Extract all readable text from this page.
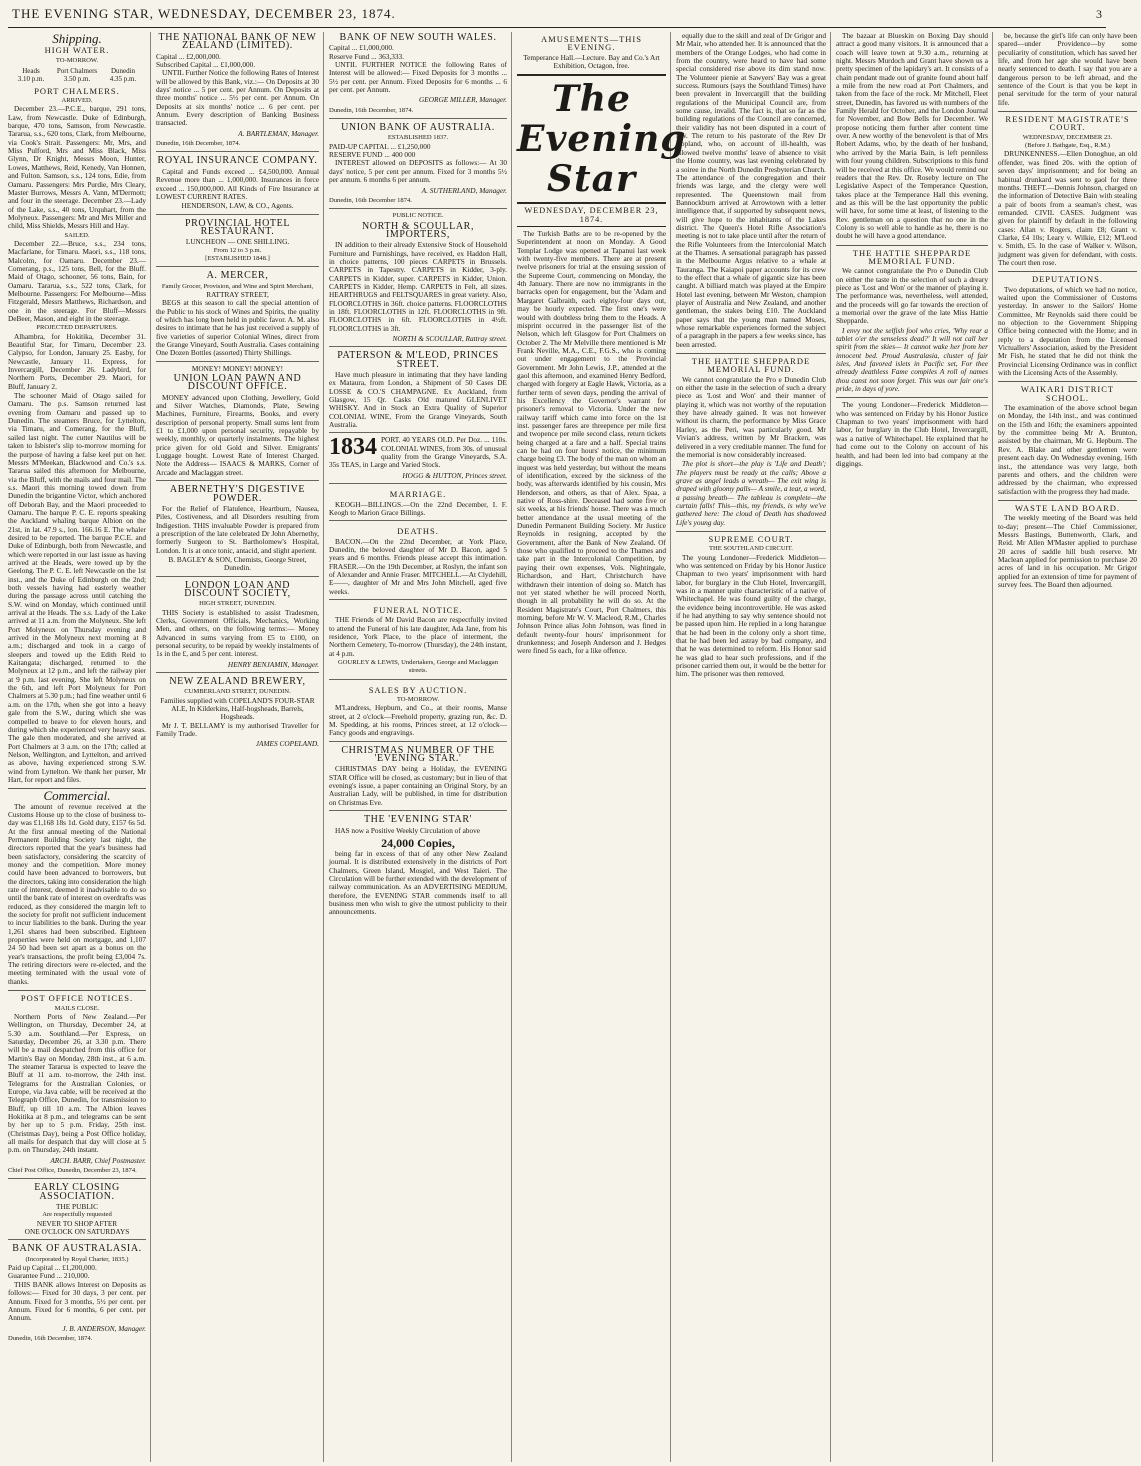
THE EVENING STAR, WEDNESDAY, DECEMBER 23, 1874.	3
Shipping.
HIGH WATER.
TO-MORROW.
Heads	Port Chalmers	Dunedin
3.10 p.m.	3.50 p.m.	4.35 p.m.
PORT CHALMERS.
ARRIVED.

December 23.—P.C.E., barque, 291 tons, Law, from Newcastle. Duke of Edinburgh, barque, 470 tons, Samson, from Newcastle. Tararua, s.s., 620 tons, Clark, from Melbourne, via Cook's Strait. Passengers: Mr, Mrs, and Miss Pulford, Mrs and Miss Black, Miss Glynn, Dr Knight, Messrs Moon, Hunter, Lowes, Matthews, Reid, Kenedy, Van Honnen, and Fulton. Samson, s.s., 124 tons, Edie, from Oamaru. Passengers: Mrs Purdie, Mrs Cleary, Master Burrows, Messrs A. Vann, M'Dermott; and four in the steerage. December 23.—Lady of the Lake, s.s., 40 tons, Urquhart, from the Molyneux. Passengers: Mr and Mrs Miller and child, Miss Shields, Messrs Hill and Hay.

SAILED.

December 22.—Bruce, s.s., 234 tons, Macfarlane, for Timaru. Maori, s.s., 118 tons, Malcolm, for Oamaru. December 23.—Comerang, p.s., 125 tons, Bell, for the Bluff. Maid of Otago, schooner, 56 tons, Bain, for Oamaru. Tararua, s.s., 522 tons, Clark, for Melbourne. Passengers: For Melbourne—Miss Fitzgerald, Messrs Matthews, Richardson, and one in the steerage. For Bluff—Messrs DeBeer, Mason, and eight in the steerage.

PROJECTED DEPARTURES.

Alhambra, for Hokitika, December 31. Beautiful Star, for Timaru, December 23. Calypso, for London, January 25. Easby, for Newcastle, January 11. Express, for Invercargill, December 26. Ladybird, for Northern Ports, December 29. Maori, for Bluff, January 2.

The schooner Maid of Otago sailed for Oamaru. The p.s. Samson returned last evening from Oamaru and passed up to Dunedin. The steamers Bruce, for Lyttelton, via Timaru, and Comerang, for the Bluff, sailed last night. The cutter Nautilus will be taken to Isbister's slip to-morrow morning for the purpose of having a false keel put on her. Messrs M'Meekan, Blackwood and Co.'s s.s. Tararua sailed this afternoon for Melbourne, via the Bluff, with the mails and four mail. The s.s. Maori this morning towed down from Dunedin the brigantine Victor, which anchored off Deborah Bay, and the Maori proceeded to Oamaru. The barque P. C. E. reports speaking the Auckland whaling barque Albion on the 21st, in lat. 47.9 s., lon. 166.16 E. The whaler desired to be reported. The barque P.C.E. and Duke of Edinburgh, both from Newcastle, and which were reported in our last issue as having arrived at the Heads, were towed up by the Geelong. The P. C. E. left Newcastle on the 1st inst., and the Duke of Edinburgh on the 2nd; both vessels having had easterly weather during the passage across until catching the S.W. wind on Monday, which continued until arrival at the Heads. The s.s. Lady of the Lake arrived at 11 a.m. from the Molyneux. She left Port Molyneux on Thursday evening and arrived in the Molyneux next morning at 8 a.m.; discharged and took in a cargo of sleepers and towed up the Edith Reid to Kaitangata; discharged, returned to the Molyneux at 12 p.m., and left the railway pier at 9 p.m. last evening. She left Molyneux on the 6th, and left Port Molyneux for Port Chalmers at 5.30 p.m.; had fine weather until 6 a.m. on the 17th, when she got into a heavy gale from the S.W., during which she was compelled to heave to for eleven hours, and during which she experienced very heavy seas. The gale then moderated, and she arrived at Port Chalmers at 3 a.m. on the 17th; called at Nelson, Wellington, and Lyttelton, and arrived as above, having experienced strong S.W. wind from Lyttelton. We thank her purser, Mr Hart, for report and files.

Commercial.

The amount of revenue received at the Customs House up to the close of business to-day was £1,168 18s 1d. Gold duty, £157 6s 5d. At the first annual meeting of the National Permanent Building Society last night, the directors reported that the year's business had been satisfactory, considering the scarcity of money and the competition. More money could have been advanced to borrowers, but the directors, taking into consideration the high rate of interest, deemed it inadvisable to do so until the bank rate of interest on overdrafts was reduced, as they considered the margin left to the society for profit not sufficient inducement to incur liabilities to the bank. During the year 1,261 shares had been subscribed. Eighteen properties were held on mortgage, and 1,107 24 50 had been set apart as a bonus on the year's transactions, the profit being £3,004 7s. The retiring directors were re-elected, and the meeting terminated with the usual vote of thanks.

POST OFFICE NOTICES.
MAILS CLOSE.

Northern Ports of New Zealand.—Per Wellington, on Thursday, December 24, at 5.30 a.m. Southland.—Per Express, on Saturday, December 26, at 3.30 p.m. There will be a mail despatched from this office for Martin's Bay on Monday, 28th inst., at 6 a.m. The steamer Tararua is expected to leave the Bluff at 11 a.m. to-morrow, the 24th inst. Telegrams for the Australian Colonies, or Europe, via Java cable, will be received at the Telegraph Office, Dunedin, for transmission to Bluff, up till 10 a.m. The Albion leaves Hokitika at 8 p.m., and telegrams can be sent by her up to 5 p.m. Friday, 25th inst. (Christmas Day), being a Post Office holiday, all mails for despatch that day will close at 5 p.m. on Thursday, 24th instant.

ARCH. BARR, Chief Postmaster.
Chief Post Office, Dunedin, December 23, 1874.
EARLY CLOSING ASSOCIATION.
THE PUBLIC
Are respectfully requested
NEVER TO SHOP AFTER
ONE O'CLOCK ON SATURDAYS
BANK OF AUSTRALASIA.
(Incorporated by Royal Charter, 1835.)
Paid up Capital ... £1,200,000.
Guarantee Fund ... 210,000.

THIS BANK allows Interest on Deposits as follows:— Fixed for 30 days, 3 per cent. per Annum. Fixed for 3 months, 5½ per cent. per Annum. Fixed for 6 months, 6 per cent. per Annum.

J. B. ANDERSON, Manager.
Dunedin, 16th December, 1874.
THE NATIONAL BANK OF NEW ZEALAND (LIMITED).
Capital ... £2,000,000.
Subscribed Capital ... £1,000,000.

UNTIL Further Notice the following Rates of Interest will be allowed by this Bank, viz.:— On Deposits at 30 days' notice ... 5 per cent. per Annum. On Deposits at three months' notice ... 5½ per cent. per Annum. On Deposits at six months' notice ... 6 per cent. per Annum. Every description of Banking Business transacted.

A. BARTLEMAN, Manager.
Dunedin, 16th December, 1874.
ROYAL INSURANCE COMPANY.

Capital and Funds exceed ... £4,500,000. Annual Revenue more than ... 1,000,000. Insurances in force exceed ... 150,000,000. All Kinds of Fire Insurance at LOWEST CURRENT RATES.

HENDERSON, LAW, & CO., Agents.
PROVINCIAL HOTEL RESTAURANT.
LUNCHEON — ONE SHILLING.
From 12 to 3 p.m.
[ESTABLISHED 1848.]
A. MERCER,
Family Grocer, Provision, and Wine and Spirit Merchant,
RATTRAY STREET,

BEGS at this season to call the special attention of the Public to his stock of Wines and Spirits, the quality of which has long been held in public favor. A. M. also desires to intimate that he has just received a supply of five varieties of superior Colonial Wines, direct from the Grange Vineyard, South Australia. Cases containing One Dozen Bottles (assorted) Thirty Shillings.

MONEY! MONEY! MONEY!
UNION LOAN PAWN AND DISCOUNT OFFICE.

MONEY advanced upon Clothing, Jewellery, Gold and Silver Watches, Diamonds, Plate, Sewing Machines, Furniture, Firearms, Books, and every description of personal property. Small sums lent from £1 to £1,000 upon personal security, repayable by weekly, monthly, or quarterly instalments. The highest price given for old Gold and Silver. Emigrants' Luggage bought. Lowest Rate of Interest Charged. Note the Address— ISAACS & MARKS, Corner of Arcade and Maclaggan street.

ABERNETHY'S DIGESTIVE POWDER.

For the Relief of Flatulence, Heartburn, Nausea, Piles, Costiveness, and all Disorders resulting from Indigestion. THIS invaluable Powder is prepared from a prescription of the late celebrated Dr John Abernethy, formerly Surgeon to St. Bartholomew's Hospital, London. It is at once tonic, antacid, and slight aperient.

B. BAGLEY & SON, Chemists, George Street, Dunedin.
LONDON LOAN AND DISCOUNT SOCIETY,
HIGH STREET, DUNEDIN.

THIS Society is established to assist Tradesmen, Clerks, Government Officials, Mechanics, Working Men, and others, on the following terms:— Money Advanced in sums varying from £5 to £100, on personal security, to be repaid by weekly instalments of 1s in the £, and 5 per cent. interest.

HENRY BENJAMIN, Manager.
NEW ZEALAND BREWERY,
CUMBERLAND STREET, DUNEDIN.

Families supplied with COPELAND'S FOUR-STAR ALE, In Kilderkins, Half-hogsheads, Barrels, Hogsheads.

Mr J. T. BELLAMY is my authorised Traveller for Family Trade.

JAMES COPELAND.
BANK OF NEW SOUTH WALES.
Capital ... £1,000,000.
Reserve Fund ... 363,333.

UNTIL FURTHER NOTICE the following Rates of Interest will be allowed:— Fixed Deposits for 3 months ... 5½ per cent. per Annum. Fixed Deposits for 6 months ... 6 per cent. per Annum.

GEORGE MILLER, Manager.
Dunedin, 16th December, 1874.
UNION BANK OF AUSTRALIA.
ESTABLISHED 1837.
PAID-UP CAPITAL ... £1,250,000
RESERVE FUND ... 400 000

INTEREST allowed on DEPOSITS as follows:— At 30 days' notice, 5 per cent per annum. Fixed for 3 months 5½ per annum. 6 months 6 per annum.

A. SUTHERLAND, Manager.
Dunedin, 16th December 1874.
PUBLIC NOTICE.
NORTH & SCOULLAR, IMPORTERS,

IN addition to their already Extensive Stock of Household Furniture and Furnishings, have received, ex Haddon Hall, in choice patterns, 100 pieces CARPETS in Brussels. CARPETS in Tapestry. CARPETS in Kidder, 3-ply. CARPETS in Kidder, super. CARPETS in Kidder, Union. CARPETS in Kidder, Hemp. CARPETS in Felt, all sizes. HEARTHRUGS and FELTSQUARES in great variety. Also, FLOORCLOTHS in 36ft. choice patterns. FLOORCLOTHS in 18ft. FLOORCLOTHS in 12ft. FLOORCLOTHS in 9ft. FLOORCLOTHS in 6ft. FLOORCLOTHS in 4½ft. FLOORCLOTHS in 3ft.

NORTH & SCOULLAR, Rattray street.
PATERSON & M'LEOD, PRINCES STREET.

Have much pleasure in intimating that they have landing ex Mataura, from London, a Shipment of 50 Cases DE LOSSE & CO.'S CHAMPAGNE. Ex Auckland, from Glasgow, 15 Qr. Casks Old matured GLENLIVET WHISKY. And in Stock an Extra Quality of Superior COLONIAL WINE, From the Grange Vineyards, South Australia.

1834 PORT. 40 YEARS OLD. Per Doz. ... 110s. COLONIAL WINES, from 30s. of unusual quality from the Grange Vineyards, S.A. 35s TEAS, in Large and Varied Stock.

HOGG & HUTTON, Princes street.
MARRIAGE.

KEOGH—BILLINGS.—On the 22nd December, I. F. Keogh to Marion Grace Billings.

DEATHS.

BACON.—On the 22nd December, at York Place, Dunedin, the beloved daughter of Mr D. Bacon, aged 5 years and 6 months. Friends please accept this intimation. FRASER.—On the 19th December, at Roslyn, the infant son of Alexander and Annie Fraser. MITCHELL.—At Clydehill, E——, daughter of Mr and Mrs John Mitchell, aged five weeks.

FUNERAL NOTICE.

THE Friends of Mr David Bacon are respectfully invited to attend the Funeral of his late daughter, Ada Jane, from his residence, York Place, to the place of interment, the Northern Cemetery, To-morrow (Thursday), the 24th instant, at 4 p.m.

GOURLEY & LEWIS, Undertakers, George and Maclaggan streets.
SALES BY AUCTION.
TO-MORROW.

M'Landress, Hepburn, and Co., at their rooms, Manse street, at 2 o'clock—Freehold property, grazing run, &c. D. M. Spedding, at his rooms, Princes street, at 12 o'clock—Fancy goods and engravings.

CHRISTMAS NUMBER OF THE 'EVENING STAR.'

CHRISTMAS DAY being a Holiday, the EVENING STAR Office will be closed, as customary; but in lieu of that evening's issue, a paper containing an Original Story, by an Australian Lady, will be published, in time for distribution on Christmas Eve.

THE 'EVENING STAR'

HAS now a Positive Weekly Circulation of above

24,000 Copies,

being far in excess of that of any other New Zealand journal. It is distributed extensively in the districts of Port Chalmers, Green Island, Mosgiel, and West Taieri. The Circulation will be further extended with the development of railway communication. As an ADVERTISING MEDIUM, therefore, the EVENING STAR commends itself to all business men who wish to give the utmost publicity to their announcements.

AMUSEMENTS—THIS EVENING.

Temperance Hall.—Lecture. Bay and Co.'s Art Exhibition, Octagon, free.

The Evening Star
WEDNESDAY, DECEMBER 23, 1874.

The Turkish Baths are to be re-opened by the Superintendent at noon on Monday. A Good Templar Lodge was opened at Tapanui last week with twenty-five members. There are at present twelve prisoners for trial at the ensuing session of the Supreme Court, commencing on Monday, the 4th January. There are now no immigrants in the barracks open for engagement, but the 'Adam and Margaret Galbraith, each eighty-four days out, may be hourly expected. The first one's were would with doubtless bring them to the Heads. A misprint occurred in the passenger list of the Nelson, which left Glasgow for Port Chalmers on October 2. The Mr Melville there mentioned is Mr Frank Neville, M.A., C.E., F.G.S., who is coming out under engagement to the Provincial Government. Mr John Lewis, J.P., attended at the gaol this afternoon, and examined Henry Bedford, charged with forgery at Eagle Hawk, Victoria, as a further term of seven days, pending the arrival of his Excellency the Governor's warrant for prisoner's removal to Victoria. Under the new railway tariff which came into force on the 1st inst. passenger fares are threepence per mile first and twopence per mile second class, return tickets being charged at a fare and a half. Special trains can be had on four hours' notice, the minimum charge being £3. The body of the man on whom an inquest was held yesterday, but without the means of identification, exceed by the sickness of the body, was afterwards identified by his cousin, Mrs Henderson, and others, as that of Alex. Spaa, a native of Ross-shire. Deceased had some five or six weeks, at his friends' house. There was a much better attendance at the usual meeting of the Dunedin Permanent Building Society. Mr Justice Reynolds in resigning, accepted by the Government, after the Bank of New Zealand. Of those who qualified to proceed to the Thames and take part in the Intercolonial Competition, by paying their own expenses, Vols. Nightingale, Richardson, and Hart, Christchurch have withdrawn their intention of doing so. Match has not yet stated whether he will proceed North, though in all probability he will do so. At the Resident Magistrate's Court, Port Chalmers, this morning, before Mr W. V. Macleod, R.M., Charles Johnson Prince alias John Johnson, was fined in default twenty-four hours' imprisonment for drunkenness; and Joseph Anderson and J. Hedges were fined 5s each, for a like offence.

equally due to the skill and zeal of Dr Grigor and Mr Mair, who attended her. It is announced that the members of the Orange Lodges, who had come in from the country, were heard to have had some special considered rise above its dim stand now. The Volunteer pienie at Sawyers' Bay was a great success. Rumours (says the Southland Times) have been prevalent in Invercargill that the building regulations of the Municipal Council are, from some cause, invalid. The fact is, that so far as the building regulations of the Council are concerned, their validity has not been disputed in a court of law. The return to his pastorate of the Rev Dr Copland, who, on account of ill-health, was allowed twelve months' leave of absence to visit the Home country, was last evening celebrated by a soiree in the North Dunedin Presbyterian Church. The attendance of the congregation and their friends was large, and the clergy were well represented. The Queenstown mail from Bannockburn arrived at Arrowtown with a letter intelligence that, if supported by subsequent news, will give hope to the inhabitants of the Lakes district. The Queen's Hotel Rifle Association's meeting is not to take place until after the return of the Rifle Volunteers from the Intercolonial Match at the Thames. A sensational paragraph has passed in the Melbourne Argus relative to a whale at Tauranga. The Kaiapoi paper accounts for its crew to the effect that a whale of gigantic size has been caught. A billiard match was played at the Empire Hotel last evening, between Mr Weston, champion player of Australia and New Zealand, and another gentleman, the stakes being £10. The Auckland paper says that the young man named Moses, whose remarkable experiences formed the subject of a paragraph in the papers a few weeks since, has been arrested.

THE HATTIE SHEPPARDE MEMORIAL FUND.

We cannot congratulate the Pro e Dunedin Club on either the taste in the selection of such a dreary piece as 'Lost and Won' and their manner of playing it, which was not worthy of the reputation they have already gained. It was not however without its charm, the performance by Miss Grace Harley, as the Peri, was particularly good. Mr Vivian's address, written by Mr Bracken, was delivered in a very creditable manner. The fund for the memorial is now considerably increased.

The plot is short—the play is 'Life and Death'; The players must be ready at the calls; Above a grave as angel leads a wreath— The exit wing is draped with gloomy palls— A smile, a tear, a word, a passing breath— The tableau is complete—the curtain falls! This—this, my friends, is why we've gathered here: The cloud of Death has shadowed Life's young day.

SUPREME COURT.
THE SOUTHLAND CIRCUIT.

The young Londoner—Frederick Middleton—who was sentenced on Friday by his Honor Justice Chapman to two years' imprisonment with hard labor, for burglary in the Club Hotel, Invercargill, was in a manner quite characteristic of a native of Whitechapel. He was found guilty of the charge, the evidence being incontrovertible. He was asked if he had anything to say why sentence should not be passed upon him. He replied in a long harangue that he had been in the colony only a short time, that he had been led astray by bad company, and that he was determined to reform. His Honor said he was glad to hear such professions, and if the prisoner carried them out, it would be the better for him. The prisoner was then removed.

The bazaar at Blueskin on Boxing Day should attract a good many visitors. It is announced that a coach will leave town at 9.30 a.m., returning at night. Messrs Murdoch and Grant have shown us a pretty specimen of the lapidary's art. It consists of a chain pendant made out of granite found about half a mile from the new road at Port Chalmers, and taken from the face of the rock. Mr Mitchell, Fleet street, Dunedin, has favored us with numbers of the Family Herald for October, and the London Journal for November, and Bow Bells for December. We propose noticing them further after content time over. A new worthy of the benevolent is that of Mrs Robert Adams, who, by the death of her husband, who arrived by the Maria Bain, is left penniless with four young children. Subscriptions to this fund will be received at this office. We would remind our readers that the Rev. Dr. Roseby lecture on The Legislative Aspect of the Temperance Question, takes place at the Temperance Hall this evening, and as this will be the last opportunity the public will have, for some time at least, of listening to the Rev. gentleman on a question that no one in the Colony is so well able to handle as he, there is no doubt he will have a good attendance.

THE HATTIE SHEPPARDE MEMORIAL FUND.

We cannot congratulate the Pro e Dunedin Club on either the taste in the selection of such a dreary piece as 'Lost and Won' or the manner of playing it. The performance was, nevertheless, well attended, and the proceeds will go far towards the erection of a memorial over the grave of the late Miss Hattie Shepparde.

I envy not the selfish fool who cries, 'Why rear a tablet o'er the senseless dead?' It will not call her spirit from the skies— It cannot wake her from her innocent bed. Proud Australasia, cluster of fair isles, And favored islets in Pacific set, For thee already deathless Fame compiles A roll of names thou canst not soon forget. This was our fair one's pride, in days of yore.

The young Londoner—Frederick Middleton—who was sentenced on Friday by his Honor Justice Chapman to two years' imprisonment with hard labor, for burglary in the Club Hotel, Invercargill, was a native of Whitechapel. He explained that he had come out to the Colony on account of his health, and had been led into bad company at the diggings.

be, because the girl's life can only have been spared—under Providence—by some peculiarity of constitution, which has saved her life, and from her age she would have been nearly sentenced to death. I say that you are a dangerous person to be left abroad, and the sentence of the Court is that you be kept in penal servitude for the term of your natural life.

RESIDENT MAGISTRATE'S COURT.
WEDNESDAY, DECEMBER 23.
(Before J. Bathgate, Esq., R.M.)

DRUNKENNESS.—Ellen Donoghue, an old offender, was fined 20s. with the option of seven days' imprisonment; and for being an habitual drunkard was sent to gaol for three months. THEFT.—Dennis Johnson, charged on the information of Detective Bain with stealing a pair of boots from a seaman's chest, was remanded. CIVIL CASES. Judgment was given for plaintiff by default in the following cases: Allan v. Rogers, claim £8; Grant v. Clarke, £4 10s; Leary v. Wilkie, £12; M'Leod v. Smith, £5. In the case of Walker v. Wilson, judgment was given for defendant, with costs. The court then rose.

DEPUTATIONS.

Two deputations, of which we had no notice, waited upon the Commissioner of Customs yesterday. In answer to the Sailors' Home Committee, Mr Reynolds said there could be no objection to the Government Shipping Office being connected with the Home; and in reply to a deputation from the Licensed Victuallers' Association, asked by the President Mr Fish, he stated that he did not think the Provincial Licensing Ordinance was in conflict with the Licensing Acts of the Assembly.

WAIKARI DISTRICT SCHOOL.

The examination of the above school began on Monday, the 14th inst., and was continued on the 15th and 16th; the examiners appointed by the committee being Mr A. Brunton, assisted by the chairman, Mr G. Hepburn. The Rev. A. Blake and other gentlemen were present each day. On Wednesday evening, 16th inst., the attendance was very large, both parents and others, and the children were addressed by the chairman, who expressed satisfaction with the progress they had made.

WASTE LAND BOARD.

The weekly meeting of the Board was held to-day; present—The Chief Commissioner, Messrs Bastings, Buttenworth, Clark, and Reid. Mr Allen M'Master applied to purchase 20 acres of saddle hill bush reserve. Mr Maclean applied for permission to purchase 20 acres of land in his occupation. Mr Grigor applied for an extension of time for payment of survey fees. The Board then adjourned.
